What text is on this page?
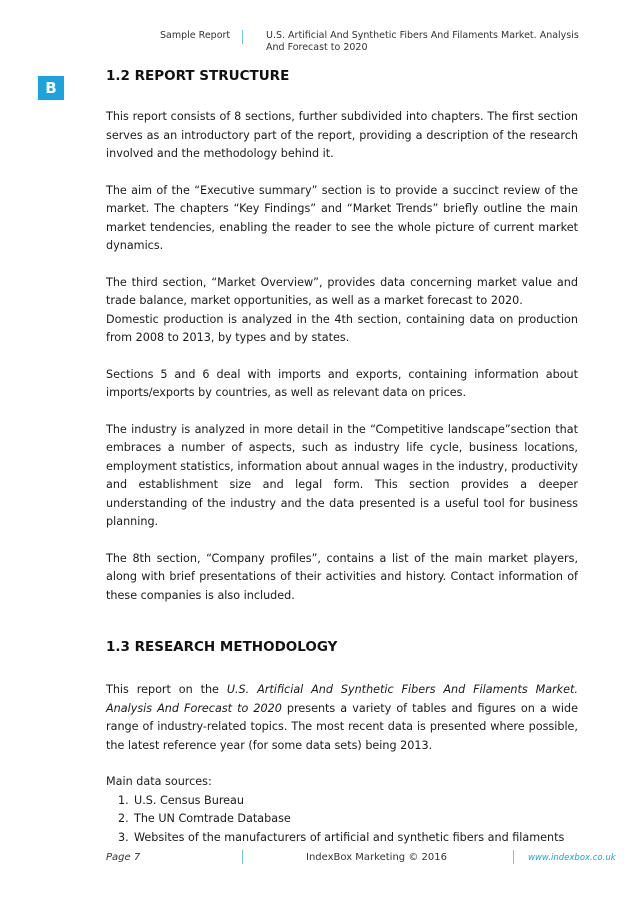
Sample Report	U.S. Artificial And Synthetic Fibers And Filaments Market. Analysis And Forecast to 2020
B
1.2 REPORT STRUCTURE

This report consists of 8 sections, further subdivided into chapters. The first section serves as an introductory part of the report, providing a description of the research involved and the methodology behind it.

The aim of the “Executive summary” section is to provide a succinct review of the market. The chapters “Key Findings” and “Market Trends” briefly outline the main market tendencies, enabling the reader to see the whole picture of current market dynamics.

The third section, “Market Overview”, provides data concerning market value and trade balance, market opportunities, as well as a market forecast to 2020.

Domestic production is analyzed in the 4th section, containing data on production from 2008 to 2013, by types and by states.

Sections 5 and 6 deal with imports and exports, containing information about imports/exports by countries, as well as relevant data on prices.

The industry is analyzed in more detail in the “Competitive landscape”section that embraces a number of aspects, such as industry life cycle, business locations, employment statistics, information about annual wages in the industry, productivity and establishment size and legal form. This section provides a deeper understanding of the industry and the data presented is a useful tool for business planning.

The 8th section, “Company profiles”, contains a list of the main market players, along with brief presentations of their activities and history. Contact information of these companies is also included.

1.3 RESEARCH METHODOLOGY

This report on the U.S. Artificial And Synthetic Fibers And Filaments Market. Analysis And Forecast to 2020 presents a variety of tables and figures on a wide range of industry-related topics. The most recent data is presented where possible, the latest reference year (for some data sets) being 2013.

Main data sources:

1. U.S. Census Bureau
2. The UN Comtrade Database
3. Websites of the manufacturers of artificial and synthetic fibers and filaments
Page 7	IndexBox Marketing © 2016	www.indexbox.co.uk
